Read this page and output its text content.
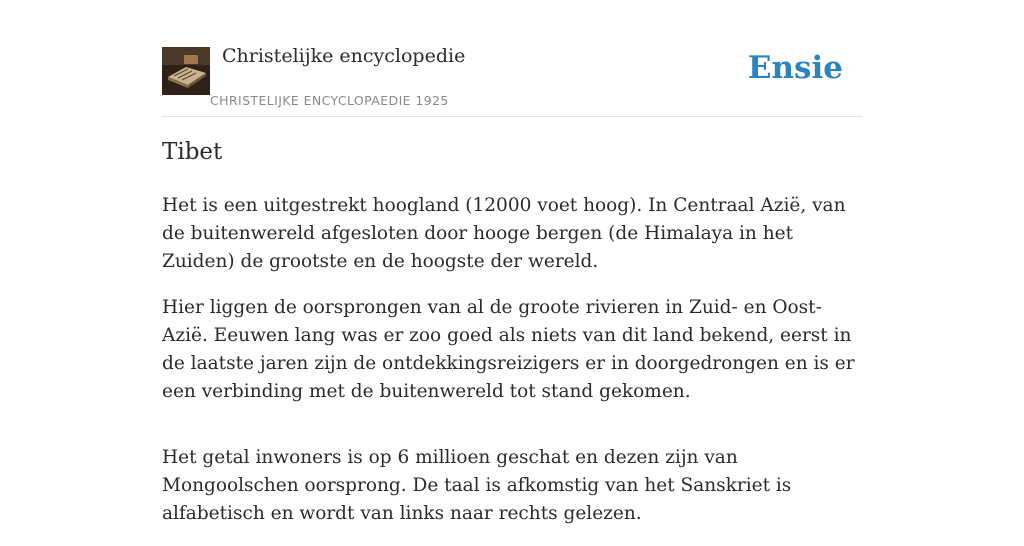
Christelijke encyclopedie
CHRISTELIJKE ENCYCLOPAEDIE 1925
Ensie
Tibet

Het is een uitgestrekt hoogland (12000 voet hoog). In Centraal Azië, van de buitenwereld afgesloten door hooge bergen (de Himalaya in het Zuiden) de grootste en de hoogste der wereld.

Hier liggen de oorsprongen van al de groote rivieren in Zuid- en Oost-Azië. Eeuwen lang was er zoo goed als niets van dit land bekend, eerst in de laatste jaren zijn de ontdekkingsreizigers er in doorgedrongen en is er een verbinding met de buitenwereld tot stand gekomen.

Het getal inwoners is op 6 millioen geschat en dezen zijn van Mongoolschen oorsprong. De taal is afkomstig van het Sanskriet is alfabetisch en wordt van links naar rechts gelezen.
